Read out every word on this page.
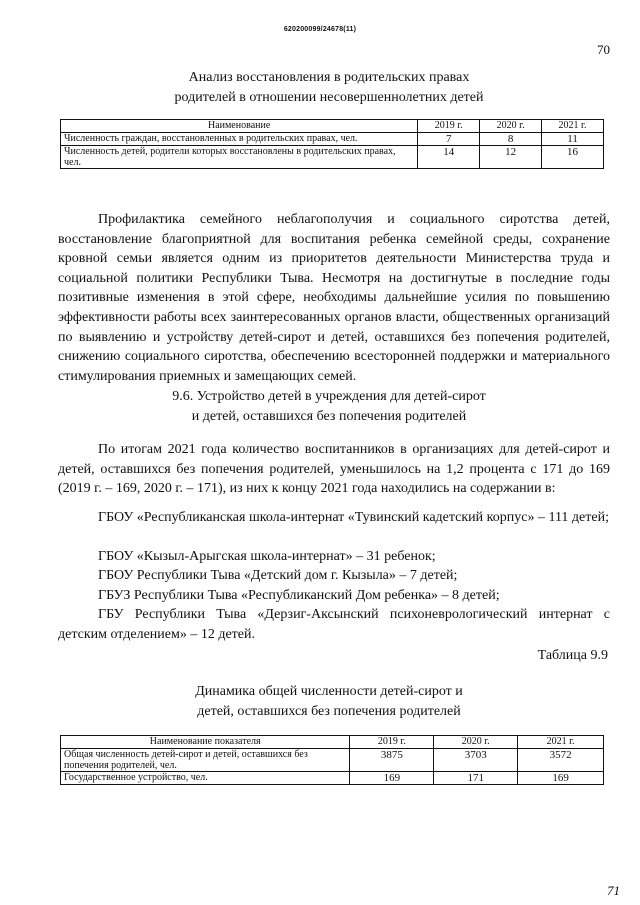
620200099/24678(11)
70
Анализ восстановления в родительских правах
родителей в отношении несовершеннолетних детей
Наименование	2019 г.	2020 г.	2021 г.
Численность граждан, восстановленных в родительских правах, чел.	7	8	11
Численность детей, родители которых восстановлены в родительских правах, чел.	14	12	16
Профилактика семейного неблагополучия и социального сиротства детей, восстановление благоприятной для воспитания ребенка семейной среды, сохранение кровной семьи является одним из приоритетов деятельности Министерства труда и социальной политики Республики Тыва. Несмотря на достигнутые в последние годы позитивные изменения в этой сфере, необходимы дальнейшие усилия по повышению эффективности работы всех заинтересованных органов власти, общественных организаций по выявлению и устройству детей-сирот и детей, оставшихся без попечения родителей, снижению социального сиротства, обеспечению всесторонней поддержки и материального стимулирования приемных и замещающих семей.
9.6. Устройство детей в учреждения для детей-сирот
и детей, оставшихся без попечения родителей
По итогам 2021 года количество воспитанников в организациях для детей-сирот и детей, оставшихся без попечения родителей, уменьшилось на 1,2 процента с 171 до 169 (2019 г. – 169, 2020 г. – 171), из них к концу 2021 года находились на содержании в:
ГБОУ «Республиканская школа-интернат «Тувинский кадетский корпус» – 111 детей;
ГБОУ «Кызыл-Арыгская школа-интернат» – 31 ребенок;
ГБОУ Республики Тыва «Детский дом г. Кызыла» – 7 детей;
ГБУЗ Республики Тыва «Республиканский Дом ребенка» – 8 детей;
ГБУ Республики Тыва «Дерзиг-Аксынский психоневрологический интернат с детским отделением» – 12 детей.
Таблица 9.9
Динамика общей численности детей-сирот и
детей, оставшихся без попечения родителей
Наименование показателя	2019 г.	2020 г.	2021 г.
Общая численность детей-сирот и детей, оставшихся без попечения родителей, чел.	3875	3703	3572
Государственное устройство, чел.	169	171	169
71
